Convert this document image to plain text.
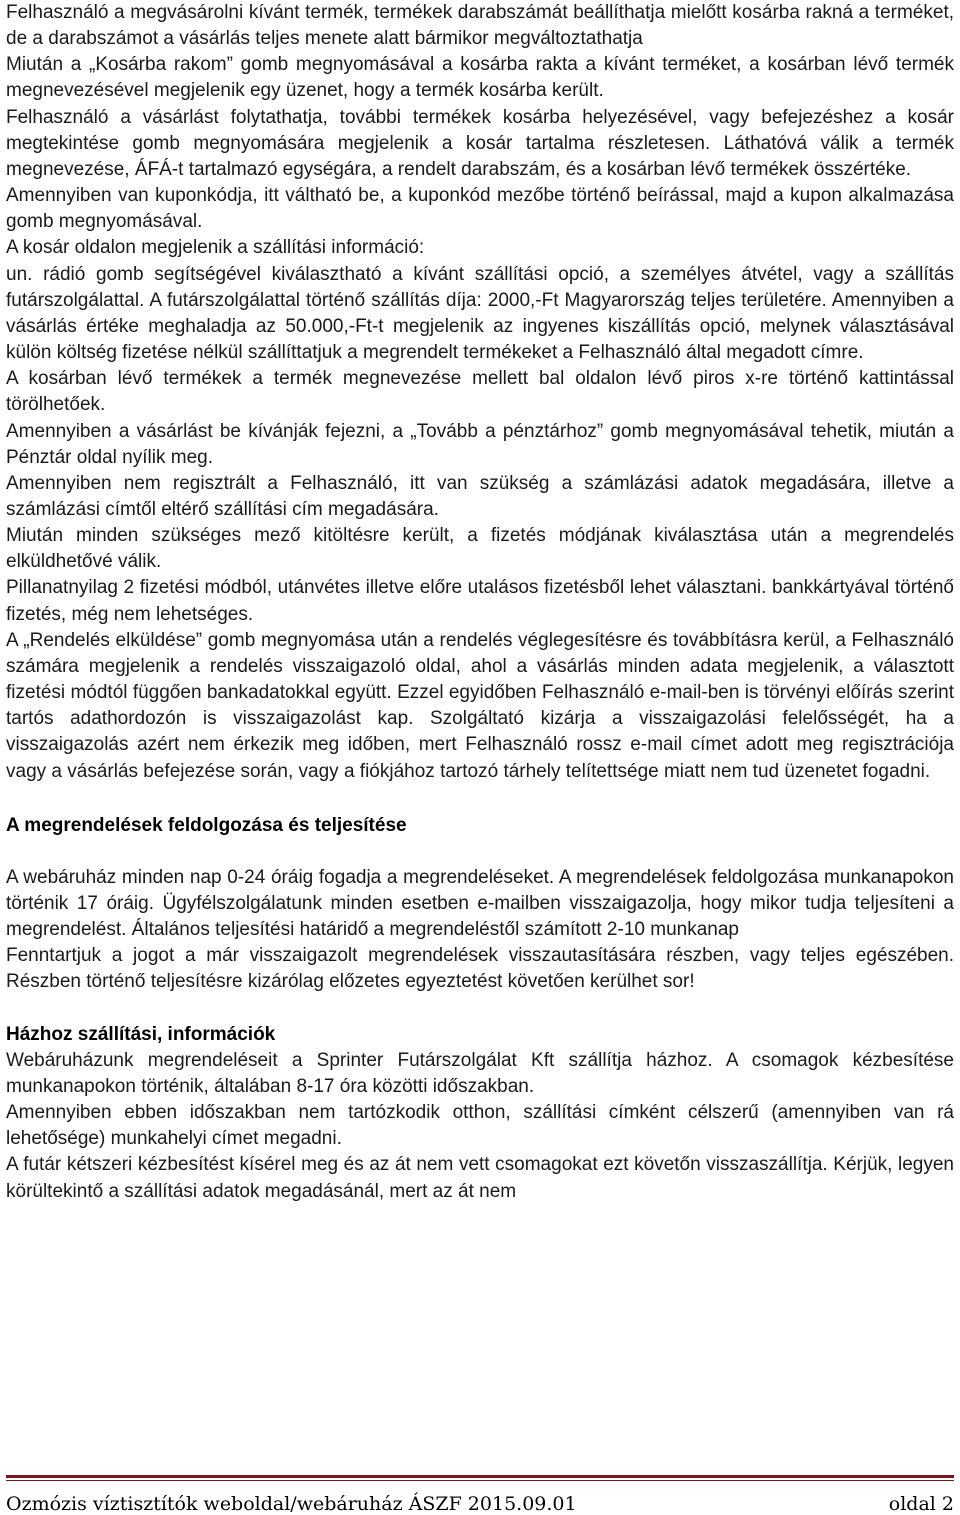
Felhasználó a megvásárolni kívánt termék, termékek darabszámát beállíthatja mielőtt kosárba rakná a terméket, de a darabszámot a vásárlás teljes menete alatt bármikor megváltoztathatja

Miután a „Kosárba rakom” gomb megnyomásával a kosárba rakta a kívánt terméket, a kosárban lévő termék megnevezésével megjelenik egy üzenet, hogy a termék kosárba került.

Felhasználó a vásárlást folytathatja, további termékek kosárba helyezésével, vagy befejezéshez a kosár megtekintése gomb megnyomására megjelenik a kosár tartalma részletesen. Láthatóvá válik a termék megnevezése, ÁFÁ-t tartalmazó egységára, a rendelt darabszám, és a kosárban lévő termékek összértéke.

Amennyiben van kuponkódja, itt váltható be, a kuponkód mezőbe történő beírással, majd a kupon alkalmazása gomb megnyomásával.

A kosár oldalon megjelenik a szállítási információ:

un. rádió gomb segítségével kiválasztható a kívánt szállítási opció, a személyes átvétel, vagy a szállítás futárszolgálattal. A futárszolgálattal történő szállítás díja: 2000,-Ft Magyarország teljes területére. Amennyiben a vásárlás értéke meghaladja az 50.000,-Ft-t megjelenik az ingyenes kiszállítás opció, melynek választásával külön költség fizetése nélkül szállíttatjuk a megrendelt termékeket a Felhasználó által megadott címre.

A kosárban lévő termékek a termék megnevezése mellett bal oldalon lévő piros x-re történő kattintással törölhetőek.

Amennyiben a vásárlást be kívánják fejezni, a „Tovább a pénztárhoz” gomb megnyomásával tehetik, miután a Pénztár oldal nyílik meg.

Amennyiben nem regisztrált a Felhasználó, itt van szükség a számlázási adatok megadására, illetve a számlázási címtől eltérő szállítási cím megadására.

Miután minden szükséges mező kitöltésre került, a fizetés módjának kiválasztása után a megrendelés elküldhetővé válik.

Pillanatnyilag 2 fizetési módból, utánvétes illetve előre utalásos fizetésből lehet választani. bankkártyával történő fizetés, még nem lehetséges.

A „Rendelés elküldése” gomb megnyomása után a rendelés véglegesítésre és továbbításra kerül, a Felhasználó számára megjelenik a rendelés visszaigazoló oldal, ahol a vásárlás minden adata megjelenik, a választott fizetési módtól függően bankadatokkal együtt. Ezzel egyidőben Felhasználó e-mail-ben is törvényi előírás szerint tartós adathordozón is visszaigazolást kap. Szolgáltató kizárja a visszaigazolási felelősségét, ha a visszaigazolás azért nem érkezik meg időben, mert Felhasználó rossz e-mail címet adott meg regisztrációja vagy a vásárlás befejezése során, vagy a fiókjához tartozó tárhely telítettsége miatt nem tud üzenetet fogadni.

A megrendelések feldolgozása és teljesítése

A webáruház minden nap 0-24 óráig fogadja a megrendeléseket. A megrendelések feldolgozása munkanapokon történik 17 óráig. Ügyfélszolgálatunk minden esetben e-mailben visszaigazolja, hogy mikor tudja teljesíteni a megrendelést. Általános teljesítési határidő a megrendeléstől számított 2-10 munkanap

Fenntartjuk a jogot a már visszaigazolt megrendelések visszautasítására részben, vagy teljes egészében. Részben történő teljesítésre kizárólag előzetes egyeztetést követően kerülhet sor!

Házhoz szállítási, információk

Webáruházunk megrendeléseit a Sprinter Futárszolgálat Kft szállítja házhoz. A csomagok kézbesítése munkanapokon történik, általában 8-17 óra közötti időszakban.

Amennyiben ebben időszakban nem tartózkodik otthon, szállítási címként célszerű (amennyiben van rá lehetősége) munkahelyi címet megadni.

A futár kétszeri kézbesítést kísérel meg és az át nem vett csomagokat ezt követőn visszaszállítja. Kérjük, legyen körültekintő a szállítási adatok megadásánál, mert az át nem

Ozmózis víztisztítók weboldal/webáruház ÁSZF 2015.09.01	oldal 2
